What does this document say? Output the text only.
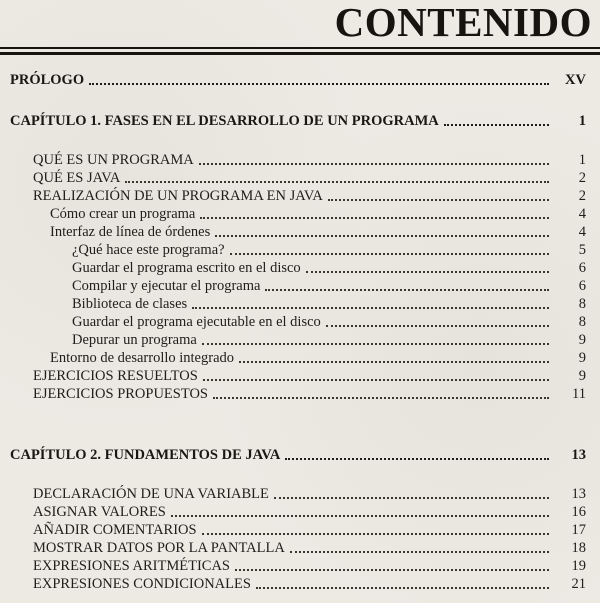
CONTENIDO
PRÓLOGO	XV
CAPÍTULO 1. FASES EN EL DESARROLLO DE UN PROGRAMA	1
QUÉ ES UN PROGRAMA	1
QUÉ ES JAVA	2
REALIZACIÓN DE UN PROGRAMA EN JAVA	2
Cómo crear un programa	4
Interfaz de línea de órdenes	4
¿Qué hace este programa?	5
Guardar el programa escrito en el disco	6
Compilar y ejecutar el programa	6
Biblioteca de clases	8
Guardar el programa ejecutable en el disco	8
Depurar un programa	9
Entorno de desarrollo integrado	9
EJERCICIOS RESUELTOS	9
EJERCICIOS PROPUESTOS	11
CAPÍTULO 2. FUNDAMENTOS DE JAVA	13
DECLARACIÓN DE UNA VARIABLE	13
ASIGNAR VALORES	16
AÑADIR COMENTARIOS	17
MOSTRAR DATOS POR LA PANTALLA	18
EXPRESIONES ARITMÉTICAS	19
EXPRESIONES CONDICIONALES	21
